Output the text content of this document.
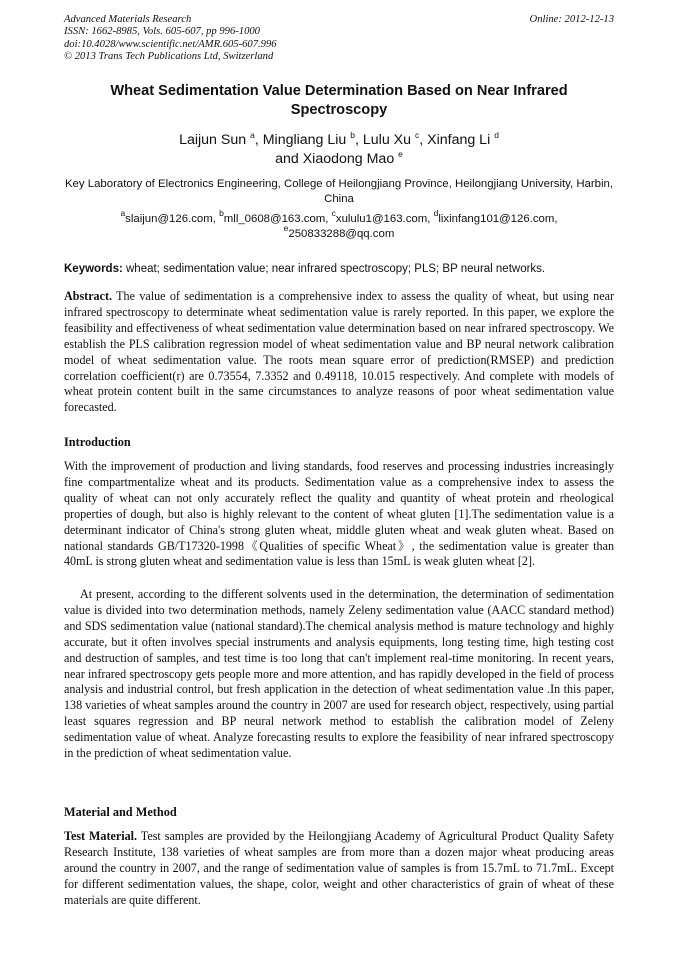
Advanced Materials Research
ISSN: 1662-8985, Vols. 605-607, pp 996-1000
doi:10.4028/www.scientific.net/AMR.605-607.996
© 2013 Trans Tech Publications Ltd, Switzerland
Online: 2012-12-13
Wheat Sedimentation Value Determination Based on Near Infrared Spectroscopy
Laijun Sun $^a$, Mingliang Liu $^b$, Lulu Xu $^c$, Xinfang Li $^d$
and Xiaodong Mao $^e$
Key Laboratory of Electronics Engineering, College of Heilongjiang Province, Heilongjiang University, Harbin, China
$^a$slaijun@126.com, $^b$mll_0608@163.com, $^c$xululu1@163.com, $^d$lixinfang101@126.com,
$^e$250833288@qq.com
Keywords: wheat; sedimentation value; near infrared spectroscopy; PLS; BP neural networks.
Abstract. The value of sedimentation is a comprehensive index to assess the quality of wheat, but using near infrared spectroscopy to determinate wheat sedimentation value is rarely reported. In this paper, we explore the feasibility and effectiveness of wheat sedimentation value determination based on near infrared spectroscopy. We establish the PLS calibration regression model of wheat sedimentation value and BP neural network calibration model of wheat sedimentation value. The roots mean square error of prediction(RMSEP) and prediction correlation coefficient(r) are 0.73554, 7.3352 and 0.49118, 10.015 respectively. And complete with models of wheat protein content built in the same circumstances to analyze reasons of poor wheat sedimentation value forecasted.
Introduction
With the improvement of production and living standards, food reserves and processing industries increasingly fine compartmentalize wheat and its products. Sedimentation value as a comprehensive index to assess the quality of wheat can not only accurately reflect the quality and quantity of wheat protein and rheological properties of dough, but also is highly relevant to the content of wheat gluten [1].The sedimentation value is a determinant indicator of China's strong gluten wheat, middle gluten wheat and weak gluten wheat. Based on national standards GB/T17320-1998《Qualities of specific Wheat》, the sedimentation value is greater than 40mL is strong gluten wheat and sedimentation value is less than 15mL is weak gluten wheat [2].
At present, according to the different solvents used in the determination, the determination of sedimentation value is divided into two determination methods, namely Zeleny sedimentation value (AACC standard method) and SDS sedimentation value (national standard).The chemical analysis method is mature technology and highly accurate, but it often involves special instruments and analysis equipments, long testing time, high testing cost and destruction of samples, and test time is too long that can't implement real-time monitoring. In recent years, near infrared spectroscopy gets people more and more attention, and has rapidly developed in the field of process analysis and industrial control, but fresh application in the detection of wheat sedimentation value .In this paper, 138 varieties of wheat samples around the country in 2007 are used for research object, respectively, using partial least squares regression and BP neural network method to establish the calibration model of Zeleny sedimentation value of wheat. Analyze forecasting results to explore the feasibility of near infrared spectroscopy in the prediction of wheat sedimentation value.
Material and Method
Test Material. Test samples are provided by the Heilongjiang Academy of Agricultural Product Quality Safety Research Institute, 138 varieties of wheat samples are from more than a dozen major wheat producing areas around the country in 2007, and the range of sedimentation value of samples is from 15.7mL to 71.7mL. Except for different sedimentation values, the shape, color, weight and other characteristics of grain of wheat of these materials are quite different.
